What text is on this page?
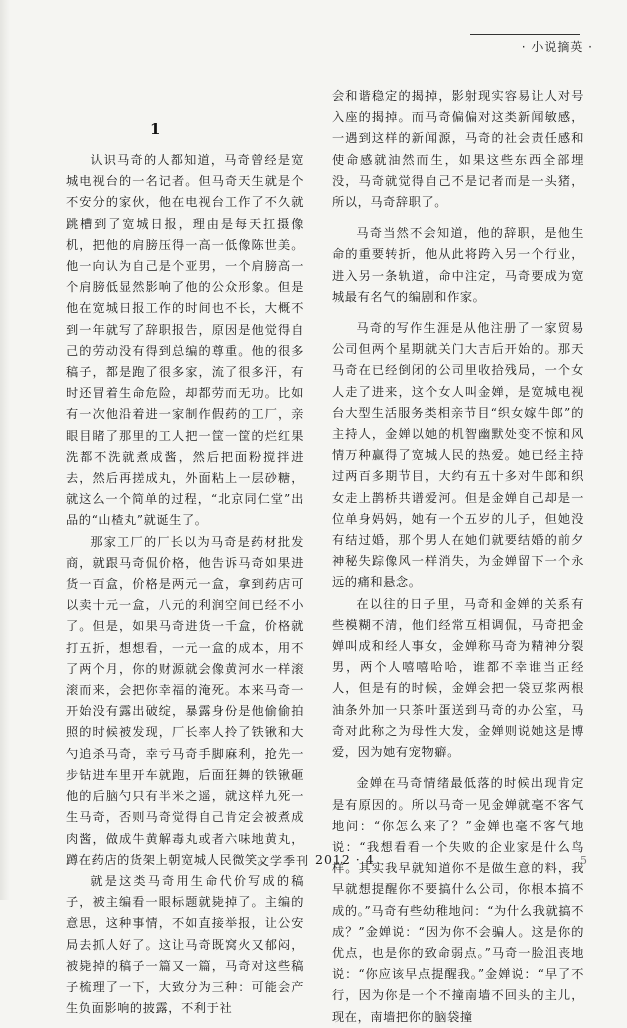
· 小说摘英 ·
1

认识马奇的人都知道，马奇曾经是宽城电视台的一名记者。但马奇天生就是个不安分的家伙，他在电视台工作了不久就跳槽到了宽城日报，理由是每天扛摄像机，把他的肩膀压得一高一低像陈世美。他一向认为自己是个亚男，一个肩膀高一个肩膀低显然影响了他的公众形象。但是他在宽城日报工作的时间也不长，大概不到一年就写了辞职报告，原因是他觉得自己的劳动没有得到总编的尊重。他的很多稿子，都是跑了很多家，流了很多汗，有时还冒着生命危险，却都劳而无功。比如有一次他沿着进一家制作假药的工厂，亲眼目睹了那里的工人把一筐一筐的烂红果洗都不洗就煮成酱，然后把面粉搅拌进去，然后再搓成丸，外面粘上一层砂糖，就这么一个简单的过程，“北京同仁堂”出品的“山楂丸”就诞生了。

那家工厂的厂长以为马奇是药材批发商，就跟马奇侃价格，他告诉马奇如果进货一百盒，价格是两元一盒，拿到药店可以卖十元一盒，八元的利润空间已经不小了。但是，如果马奇进货一千盒，价格就打五折，想想看，一元一盒的成本，用不了两个月，你的财源就会像黄河水一样滚滚而来，会把你幸福的淹死。本来马奇一开始没有露出破绽，暴露身份是他偷偷拍照的时候被发现，厂长率人拎了铁锹和大勺追杀马奇，幸亏马奇手脚麻利，抢先一步钻进车里开车就跑，后面狂舞的铁锹砸他的后脑勺只有半米之遥，就这样九死一生马奇，否则马奇觉得自己肯定会被煮成肉酱，做成牛黄解毒丸或者六味地黄丸，蹲在药店的货架上朝宽城人民微笑。

就是这类马奇用生命代价写成的稿子，被主编看一眼标题就毙掉了。主编的意思，这种事情，不如直接举报，让公安局去抓人好了。这让马奇既窝火又郁闷，被毙掉的稿子一篇又一篇，马奇对这些稿子梳理了一下，大致分为三种：可能会产生负面影响的披露，不利于社

会和谐稳定的揭掉，影射现实容易让人对号入座的揭掉。而马奇偏偏对这类新闻敏感，一遇到这样的新闻源，马奇的社会责任感和使命感就油然而生，如果这些东西全部埋没，马奇就觉得自己不是记者而是一头猪，所以，马奇辞职了。

马奇当然不会知道，他的辞职，是他生命的重要转折，他从此将跨入另一个行业，进入另一条轨道，命中注定，马奇要成为宽城最有名气的编剧和作家。

马奇的写作生涯是从他注册了一家贸易公司但两个星期就关门大吉后开始的。那天马奇在已经倒闭的公司里收拾残局，一个女人走了进来，这个女人叫金婵，是宽城电视台大型生活服务类相亲节目“织女嫁牛郎”的主持人，金婵以她的机智幽默处变不惊和风情万种赢得了宽城人民的热爱。她已经主持过两百多期节目，大约有五十多对牛郎和织女走上鹊桥共谱爱河。但是金婵自己却是一位单身妈妈，她有一个五岁的儿子，但她没有结过婚，那个男人在她们就要结婚的前夕神秘失踪像风一样消失，为金婵留下一个永远的痛和悬念。

在以往的日子里，马奇和金婵的关系有些模糊不清，他们经常互相调侃，马奇把金婵叫成和经人事女，金婵称马奇为精神分裂男，两个人嘻嘻哈哈，谁都不幸谁当正经人，但是有的时候，金婵会把一袋豆浆两根油条外加一只茶叶蛋送到马奇的办公室，马奇对此称之为母性大发，金婵则说她这是博爱，因为她有宠物癖。

金婵在马奇情绪最低落的时候出现肯定是有原因的。所以马奇一见金婵就毫不客气地问：“你怎么来了？”金婵也毫不客气地说：“我想看看一个失败的企业家是什么鸟样。其实我早就知道你不是做生意的料，我早就想提醒你不要搞什么公司，你根本搞不成的。”马奇有些幼稚地问：“为什么我就搞不成？”金婵说：“因为你不会骗人。这是你的优点，也是你的致命弱点。”马奇一脸沮丧地说：“你应该早点提醒我。”金婵说：“早了不行，因为你是一个不撞南墙不回头的主儿，现在，南墙把你的脑袋撞

文学季刊 2012 · 4	5
